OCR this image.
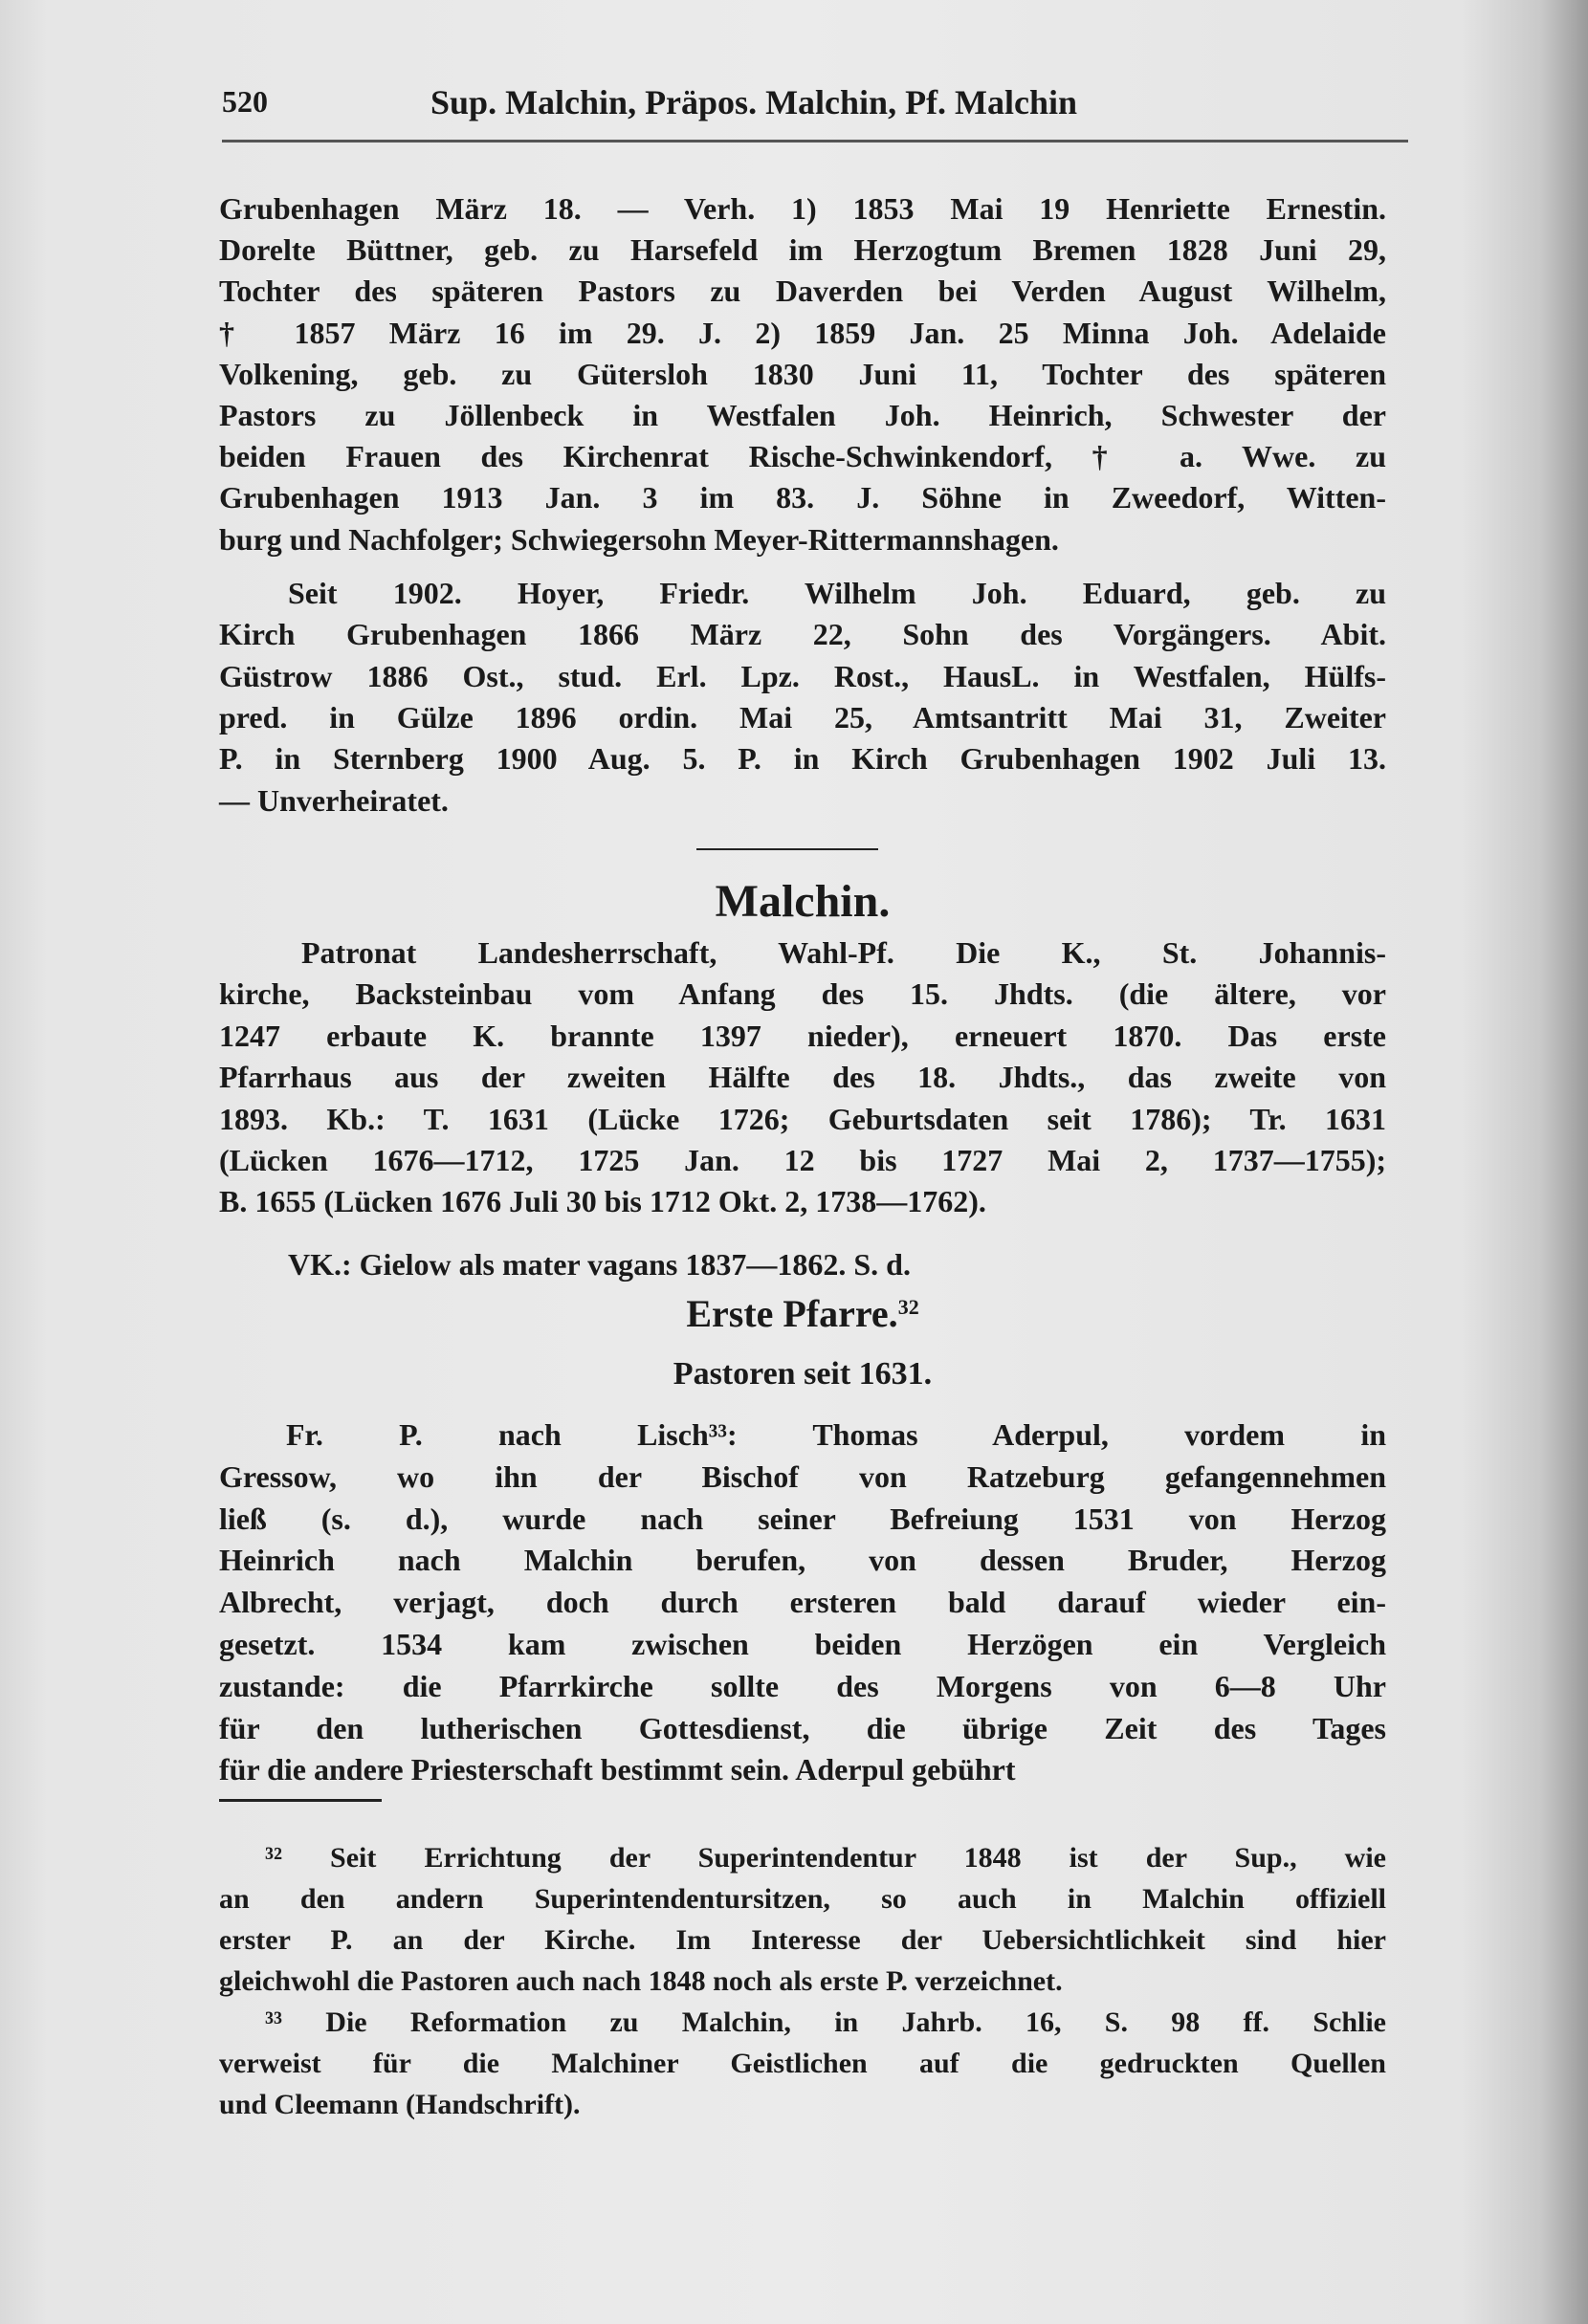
520	Sup. Malchin, Präpos. Malchin, Pf. Malchin
Grubenhagen März 18. — Verh. 1) 1853 Mai 19 Henriette Ernestin.
Dorelte Büttner, geb. zu Harsefeld im Herzogtum Bremen 1828 Juni 29,
Tochter des späteren Pastors zu Daverden bei Verden August Wilhelm,
† 1857 März 16 im 29. J. 2) 1859 Jan. 25 Minna Joh. Adelaide
Volkening, geb. zu Gütersloh 1830 Juni 11, Tochter des späteren
Pastors zu Jöllenbeck in Westfalen Joh. Heinrich, Schwester der
beiden Frauen des Kirchenrat Rische-Schwinkendorf, † a. Wwe. zu
Grubenhagen 1913 Jan. 3 im 83. J. Söhne in Zweedorf, Witten-
burg und Nachfolger; Schwiegersohn Meyer-Rittermannshagen.
Seit 1902. Hoyer, Friedr. Wilhelm Joh. Eduard, geb. zu
Kirch Grubenhagen 1866 März 22, Sohn des Vorgängers. Abit.
Güstrow 1886 Ost., stud. Erl. Lpz. Rost., HausL. in Westfalen, Hülfs-
pred. in Gülze 1896 ordin. Mai 25, Amtsantritt Mai 31, Zweiter
P. in Sternberg 1900 Aug. 5. P. in Kirch Grubenhagen 1902 Juli 13.
— Unverheiratet.
Malchin.
Patronat Landesherrschaft, Wahl-Pf. Die K., St. Johannis-
kirche, Backsteinbau vom Anfang des 15. Jhdts. (die ältere, vor
1247 erbaute K. brannte 1397 nieder), erneuert 1870. Das erste
Pfarrhaus aus der zweiten Hälfte des 18. Jhdts., das zweite von
1893. Kb.: T. 1631 (Lücke 1726; Geburtsdaten seit 1786); Tr. 1631
(Lücken 1676—1712, 1725 Jan. 12 bis 1727 Mai 2, 1737—1755);
B. 1655 (Lücken 1676 Juli 30 bis 1712 Okt. 2, 1738—1762).
VK.: Gielow als mater vagans 1837—1862. S. d.
Erste Pfarre.$^{32}$
Pastoren seit 1631.
Fr. P. nach Lisch³³: Thomas Aderpul, vordem in
Gressow, wo ihn der Bischof von Ratzeburg gefangennehmen
ließ (s. d.), wurde nach seiner Befreiung 1531 von Herzog
Heinrich nach Malchin berufen, von dessen Bruder, Herzog
Albrecht, verjagt, doch durch ersteren bald darauf wieder ein-
gesetzt. 1534 kam zwischen beiden Herzögen ein Vergleich
zustande: die Pfarrkirche sollte des Morgens von 6—8 Uhr
für den lutherischen Gottesdienst, die übrige Zeit des Tages
für die andere Priesterschaft bestimmt sein. Aderpul gebührt
³² Seit Errichtung der Superintendentur 1848 ist der Sup., wie
an den andern Superintendentursitzen, so auch in Malchin offiziell
erster P. an der Kirche. Im Interesse der Uebersichtlichkeit sind hier
gleichwohl die Pastoren auch nach 1848 noch als erste P. verzeichnet.
³³ Die Reformation zu Malchin, in Jahrb. 16, S. 98 ff. Schlie
verweist für die Malchiner Geistlichen auf die gedruckten Quellen
und Cleemann (Handschrift).
